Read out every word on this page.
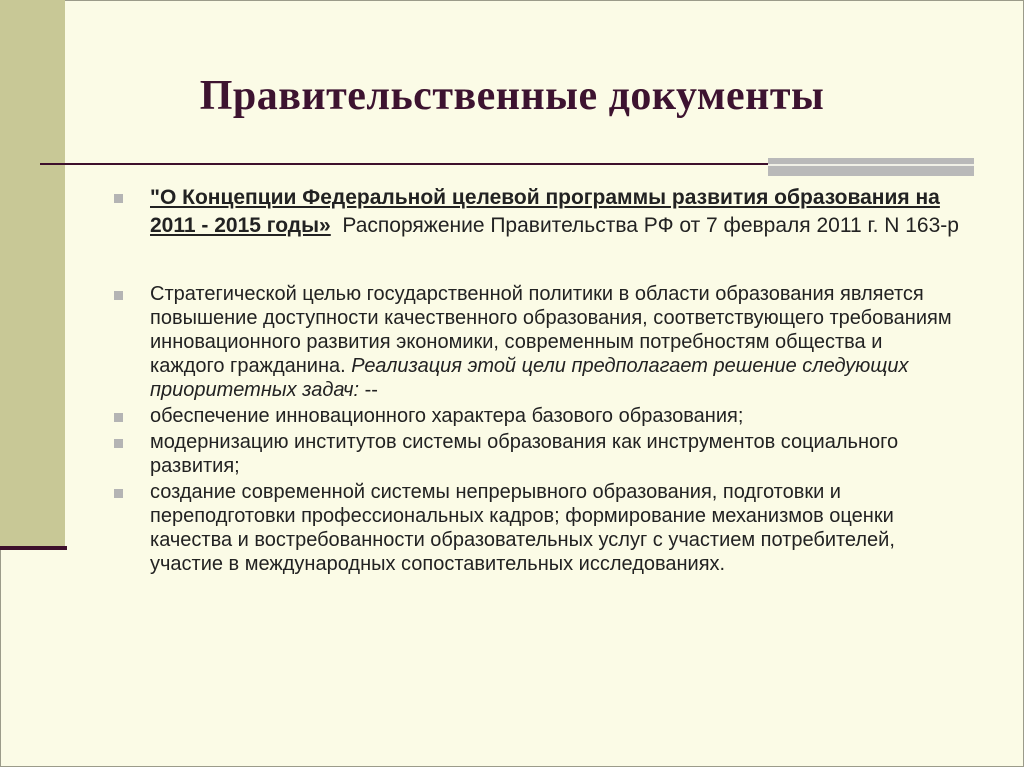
Правительственные документы
"О Концепции Федеральной целевой программы развития образования на 2011 - 2015 годы»  Распоряжение Правительства РФ от 7 февраля 2011 г. N 163-р
Стратегической целью государственной политики в области образования является повышение доступности качественного образования, соответствующего требованиям инновационного развития экономики, современным потребностям общества и каждого гражданина. Реализация этой цели предполагает решение следующих приоритетных задач: --
обеспечение инновационного характера базового образования;
модернизацию институтов системы образования как инструментов социального развития;
создание современной системы непрерывного образования, подготовки и переподготовки профессиональных кадров; формирование механизмов оценки качества и востребованности образовательных услуг с участием потребителей, участие в международных сопоставительных исследованиях.
